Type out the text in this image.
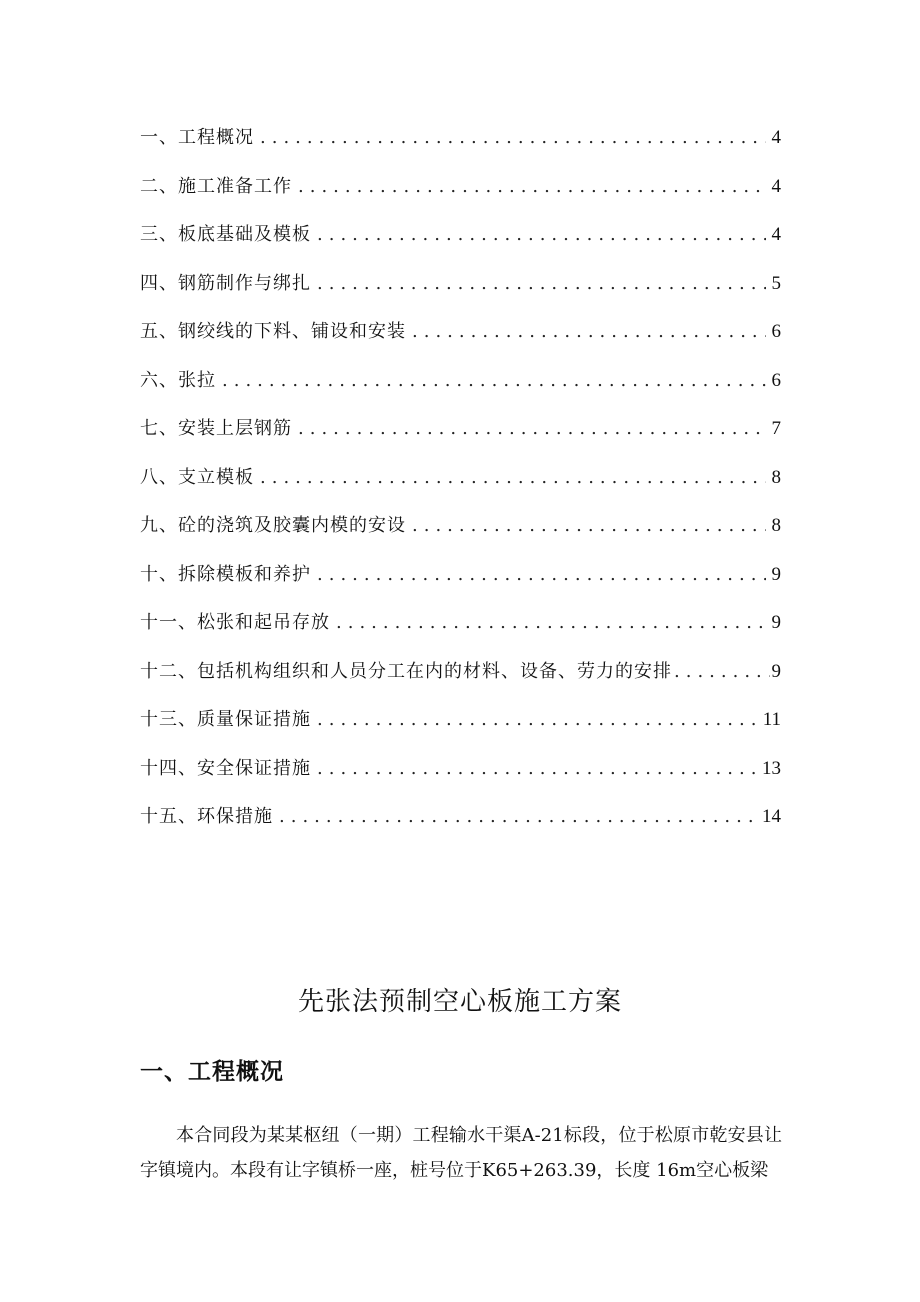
一、工程概况 .....	4
二、施工准备工作 .....	4
三、板底基础及模板 .....	4
四、钢筋制作与绑扎 .....	5
五、钢绞线的下料、铺设和安装 .....	6
六、张拉 .....	6
七、安装上层钢筋 .....	7
八、支立模板 .....	8
九、砼的浇筑及胶囊内模的安设 .....	8
十、拆除模板和养护 .....	9
十一、松张和起吊存放 .....	9
十二、包括机构组织和人员分工在内的材料、设备、劳力的安排 .....	9
十三、质量保证措施 .....	11
十四、安全保证措施 .....	13
十五、环保措施 .....	14
先张法预制空心板施工方案
一、工程概况

本合同段为某某枢纽（一期）工程输水干渠A-21标段，位于松原市乾安县让字镇境内。本段有让字镇桥一座，桩号位于K65+263.39，长度 16m空心板梁
